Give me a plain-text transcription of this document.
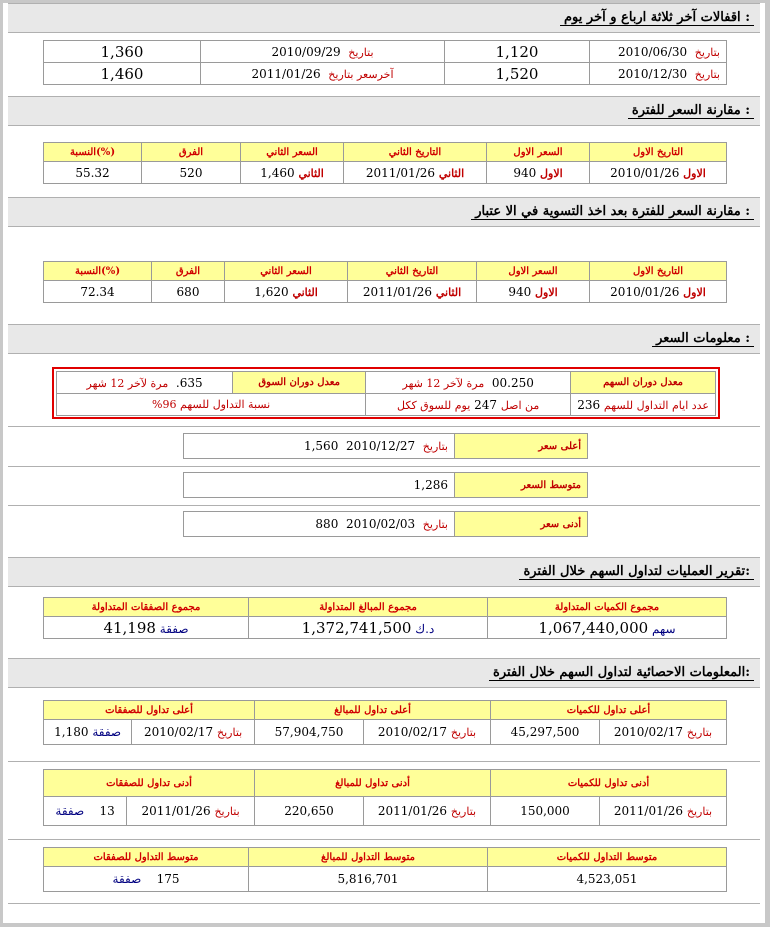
اقفالات آخر ثلاثة ارباع و آخر يوم :
بتاريخ  2010/06/30	1,120	بتاريخ  2010/09/29	1,360
بتاريخ  2010/12/30	1,520	آخرسعر بتاريخ  2011/01/26	1,460
مقارنة السعر للفترة :
التاريخ الاول	السعر الاول	التاريخ الثاني	السعر الثاني	الفرق	(%)النسبة
الاول 2010/01/26	الاول 940	الثاني 2011/01/26	الثاني 1,460	520	55.32
مقارنة السعر للفترة بعد اخذ التسوية في الا عتبار :
التاريخ الاول	السعر الاول	التاريخ الثاني	السعر الثاني	الفرق	(%)النسبة
الاول 2010/01/26	الاول 940	الثاني 2011/01/26	الثاني 1,620	680	72.34
معلومات السعر :
معدل دوران السهم	00.250  مرة لآخر 12 شهر	معدل دوران السوق	635.  مرة لآخر 12 شهر
عدد ايام التداول للسهم 236	من اصل 247 يوم للسوق ككل	نسبة التداول للسهم 96%	
أعلى سعر	بتاريخ  2010/12/27  1,560
متوسط السعر	1,286
أدنى سعر	بتاريخ  2010/02/03  880
تقرير العمليات لتداول السهم خلال الفترة:
مجموع الكميات المتداولة	مجموع المبالغ المتداولة	مجموع الصفقات المتداولة
سهم 1,067,440,000	د.ك 1,372,741,500	صفقة 41,198
المعلومات الاحصائية لتداول السهم خلال الفترة:
أعلى تداول للكميات		أعلى تداول للمبالغ		أعلى تداول للصفقات	
بتاريخ 2010/02/17	45,297,500	بتاريخ 2010/02/17	57,904,750	بتاريخ 2010/02/17	صفقة 1,180
أدنى تداول للكميات		أدنى تداول للمبالغ		أدنى تداول للصفقات	
بتاريخ 2011/01/26	150,000	بتاريخ 2011/01/26	220,650	بتاريخ 2011/01/26	13    صفقة
متوسط التداول للكميات	متوسط التداول للمبالغ	متوسط التداول للصفقات
4,523,051	5,816,701	175    صفقة
